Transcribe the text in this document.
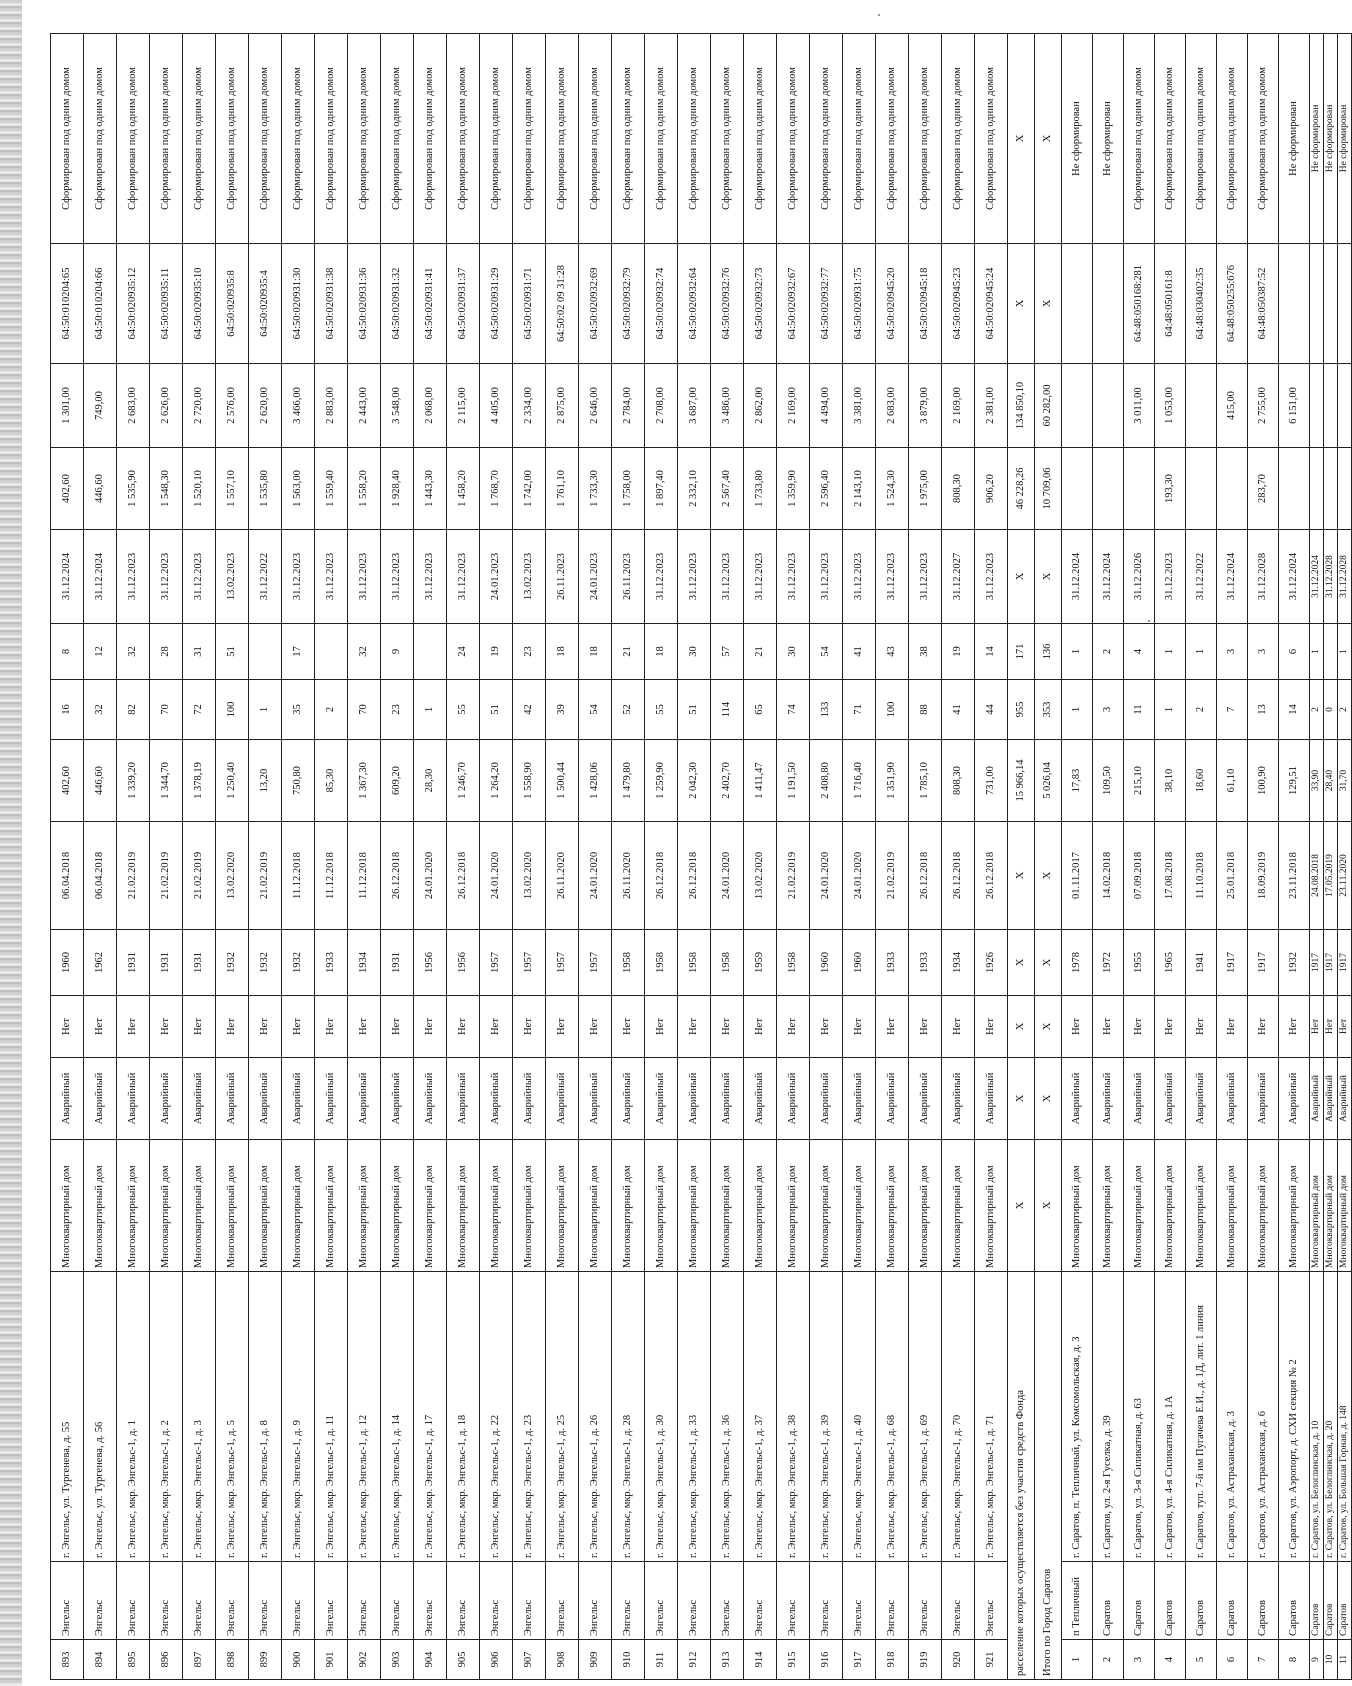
893	Энгельс	г. Энгельс, ул. Тургенева, д. 55	Многоквартирный дом	Аварийный	Нет	1960	06.04.2018	402,60	16	8	31.12.2024	402,60	1 301,00	64:50:010204:65	Сформирован под одним домом
894	Энгельс	г. Энгельс, ул. Тургенева, д. 56	Многоквартирный дом	Аварийный	Нет	1962	06.04.2018	446,60	32	12	31.12.2024	446,60	749,00	64:50:010204:66	Сформирован под одним домом
895	Энгельс	г. Энгельс, мкр. Энгельс-1, д. 1	Многоквартирный дом	Аварийный	Нет	1931	21.02.2019	1 339,20	82	32	31.12.2023	1 535,90	2 683,00	64:50:020935:12	Сформирован под одним домом
896	Энгельс	г. Энгельс, мкр. Энгельс-1, д. 2	Многоквартирный дом	Аварийный	Нет	1931	21.02.2019	1 344,70	70	28	31.12.2023	1 548,30	2 626,00	64:50:020935:11	Сформирован под одним домом
897	Энгельс	г. Энгельс, мкр. Энгельс-1, д. 3	Многоквартирный дом	Аварийный	Нет	1931	21.02.2019	1 378,19	72	31	31.12.2023	1 520,10	2 720,00	64:50:020935:10	Сформирован под одним домом
898	Энгельс	г. Энгельс, мкр. Энгельс-1, д. 5	Многоквартирный дом	Аварийный	Нет	1932	13.02.2020	1 250,40	100	51	13.02.2023	1 557,10	2 576,00	64:50:020935:8	Сформирован под одним домом
899	Энгельс	г. Энгельс, мкр. Энгельс-1, д. 8	Многоквартирный дом	Аварийный	Нет	1932	21.02.2019	13,20	1		31.12.2022	1 535,80	2 620,00	64:50:020935:4	Сформирован под одним домом
900	Энгельс	г. Энгельс, мкр. Энгельс-1, д. 9	Многоквартирный дом	Аварийный	Нет	1932	11.12.2018	750,80	35	17	31.12.2023	1 563,00	3 466,00	64:50:020931:30	Сформирован под одним домом
901	Энгельс	г. Энгельс, мкр. Энгельс-1, д. 11	Многоквартирный дом	Аварийный	Нет	1933	11.12.2018	85,30	2		31.12.2023	1 559,40	2 883,00	64:50:020931:38	Сформирован под одним домом
902	Энгельс	г. Энгельс, мкр. Энгельс-1, д. 12	Многоквартирный дом	Аварийный	Нет	1934	11.12.2018	1 367,30	70	32	31.12.2023	1 558,20	2 443,00	64:50:020931:36	Сформирован под одним домом
903	Энгельс	г. Энгельс, мкр. Энгельс-1, д. 14	Многоквартирный дом	Аварийный	Нет	1931	26.12.2018	609,20	23	9	31.12.2023	1 928,40	3 548,00	64:50:020931:32	Сформирован под одним домом
904	Энгельс	г. Энгельс, мкр. Энгельс-1, д. 17	Многоквартирный дом	Аварийный	Нет	1956	24.01.2020	28,30	1		31.12.2023	1 443,30	2 068,00	64:50:020931:41	Сформирован под одним домом
905	Энгельс	г. Энгельс, мкр. Энгельс-1, д. 18	Многоквартирный дом	Аварийный	Нет	1956	26.12.2018	1 246,70	55	24	31.12.2023	1 458,20	2 115,00	64:50:020931:37	Сформирован под одним домом
906	Энгельс	г. Энгельс, мкр. Энгельс-1, д. 22	Многоквартирный дом	Аварийный	Нет	1957	24.01.2020	1 264,20	51	19	24.01.2023	1 768,70	4 405,00	64:50:020931:29	Сформирован под одним домом
907	Энгельс	г. Энгельс, мкр. Энгельс-1, д. 23	Многоквартирный дом	Аварийный	Нет	1957	13.02.2020	1 558,90	42	23	13.02.2023	1 742,00	2 334,00	64:50:020931:71	Сформирован под одним домом
908	Энгельс	г. Энгельс, мкр. Энгельс-1, д. 25	Многоквартирный дом	Аварийный	Нет	1957	26.11.2020	1 500,44	39	18	26.11.2023	1 761,10	2 875,00	64:50:02 09 31:28	Сформирован под одним домом
909	Энгельс	г. Энгельс, мкр. Энгельс-1, д. 26	Многоквартирный дом	Аварийный	Нет	1957	24.01.2020	1 428,06	54	18	24.01.2023	1 733,30	2 646,00	64:50:020932:69	Сформирован под одним домом
910	Энгельс	г. Энгельс, мкр. Энгельс-1, д. 28	Многоквартирный дом	Аварийный	Нет	1958	26.11.2020	1 479,80	52	21	26.11.2023	1 758,00	2 784,00	64:50:020932:79	Сформирован под одним домом
911	Энгельс	г. Энгельс, мкр. Энгельс-1, д. 30	Многоквартирный дом	Аварийный	Нет	1958	26.12.2018	1 259,90	55	18	31.12.2023	1 897,40	2 708,00	64:50:020932:74	Сформирован под одним домом
912	Энгельс	г. Энгельс, мкр. Энгельс-1, д. 33	Многоквартирный дом	Аварийный	Нет	1958	26.12.2018	2 042,30	51	30	31.12.2023	2 332,10	3 687,00	64:50:020932:64	Сформирован под одним домом
913	Энгельс	г. Энгельс, мкр. Энгельс-1, д. 36	Многоквартирный дом	Аварийный	Нет	1958	24.01.2020	2 402,70	114	57	31.12.2023	2 567,40	3 486,00	64:50:020932:76	Сформирован под одним домом
914	Энгельс	г. Энгельс, мкр. Энгельс-1, д. 37	Многоквартирный дом	Аварийный	Нет	1959	13.02.2020	1 411,47	65	21	31.12.2023	1 733,80	2 862,00	64:50:020932:73	Сформирован под одним домом
915	Энгельс	г. Энгельс, мкр. Энгельс-1, д. 38	Многоквартирный дом	Аварийный	Нет	1958	21.02.2019	1 191,50	74	30	31.12.2023	1 359,90	2 169,00	64:50:020932:67	Сформирован под одним домом
916	Энгельс	г. Энгельс, мкр. Энгельс-1, д. 39	Многоквартирный дом	Аварийный	Нет	1960	24.01.2020	2 408,80	133	54	31.12.2023	2 596,40	4 494,00	64:50:020932:77	Сформирован под одним домом
917	Энгельс	г. Энгельс, мкр. Энгельс-1, д. 40	Многоквартирный дом	Аварийный	Нет	1960	24.01.2020	1 716,40	71	41	31.12.2023	2 143,10	3 381,00	64:50:020931:75	Сформирован под одним домом
918	Энгельс	г. Энгельс, мкр. Энгельс-1, д. 68	Многоквартирный дом	Аварийный	Нет	1933	21.02.2019	1 351,90	100	43	31.12.2023	1 524,30	2 683,00	64:50:020945:20	Сформирован под одним домом
919	Энгельс	г. Энгельс, мкр. Энгельс-1, д. 69	Многоквартирный дом	Аварийный	Нет	1933	26.12.2018	1 785,10	88	38	31.12.2023	1 975,00	3 879,00	64:50:020945:18	Сформирован под одним домом
920	Энгельс	г. Энгельс, мкр. Энгельс-1, д. 70	Многоквартирный дом	Аварийный	Нет	1934	26.12.2018	808,30	41	19	31.12.2027	808,30	2 169,00	64:50:020945:23	Сформирован под одним домом
921	Энгельс	г. Энгельс, мкр. Энгельс-1, д. 71	Многоквартирный дом	Аварийный	Нет	1926	26.12.2018	731,00	44	14	31.12.2023	906,20	2 381,00	64:50:020945:24	Сформирован под одним домом
расселение которых осуществляется без участия средств Фонда			X	X	X	X	X	15 966,14	955	171	X	46 228,26	134 850,10	X	X
Итого по Город Саратов			X	X	X	X	X	5 026,04	353	136	X	10 709,06	60 282,00	X	X
1	п Тепличный	г. Саратов, п. Тепличный, ул. Комсомольская, д. 3	Многоквартирный дом	Аварийный	Нет	1978	01.11.2017	17,83	1	1	31.12.2024				Не сформирован
2	Саратов	г. Саратов, ул. 2-я Гуселка, д. 39	Многоквартирный дом	Аварийный	Нет	1972	14.02.2018	109,50	3	2	31.12.2024				Не сформирован
3	Саратов	г. Саратов, ул. 3-я Силикатная, д. 63	Многоквартирный дом	Аварийный	Нет	1955	07.09.2018	215,10	11	4	31.12.2026		3 011,00	64:48:050168:281	Сформирован под одним домом
4	Саратов	г. Саратов, ул. 4-я Силикатная, д. 1А	Многоквартирный дом	Аварийный	Нет	1965	17.08.2018	38,10	1	1	31.12.2023	193,30	1 053,00	64:48:050161:8	Сформирован под одним домом
5	Саратов	г. Саратов, туп. 7-й им Пугачева Е.И., д. 1Д, лит. 1 линия	Многоквартирный дом	Аварийный	Нет	1941	11.10.2018	18,60	2	1	31.12.2022			64:48:030402:35	Сформирован под одним домом
6	Саратов	г. Саратов, ул. Астраханская, д. 3	Многоквартирный дом	Аварийный	Нет	1917	25.01.2018	61,10	7	3	31.12.2024		415,00	64:48:050255:676	Сформирован под одним домом
7	Саратов	г. Саратов, ул. Астраханская, д. 6	Многоквартирный дом	Аварийный	Нет	1917	18.09.2019	100,90	13	3	31.12.2028	283,70	2 755,00	64:48:050387:52	Сформирован под одним домом
8	Саратов	г. Саратов, ул. Аэропорт, д. СХИ секция № 2	Многоквартирный дом	Аварийный	Нет	1932	23.11.2018	129,51	14	6	31.12.2024		6 151,00		Не сформирован
9	Саратов	г. Саратов, ул. Белоглинская, д. 10	Многоквартирный дом	Аварийный	Нет	1917	24.08.2018	33,90	2	1	31.12.2024				Не сформирован
10	Саратов	г. Саратов, ул. Белоглинская, д. 20	Многоквартирный дом	Аварийный	Нет	1917	17.05.2019	28,40	0		31.12.2028				Не сформирован
11	Саратов	г. Саратов, ул. Большая Горная, д. 148	Многоквартирный дом	Аварийный	Нет	1917	23.11.2020	31,70	2	1	31.12.2028				Не сформирован
